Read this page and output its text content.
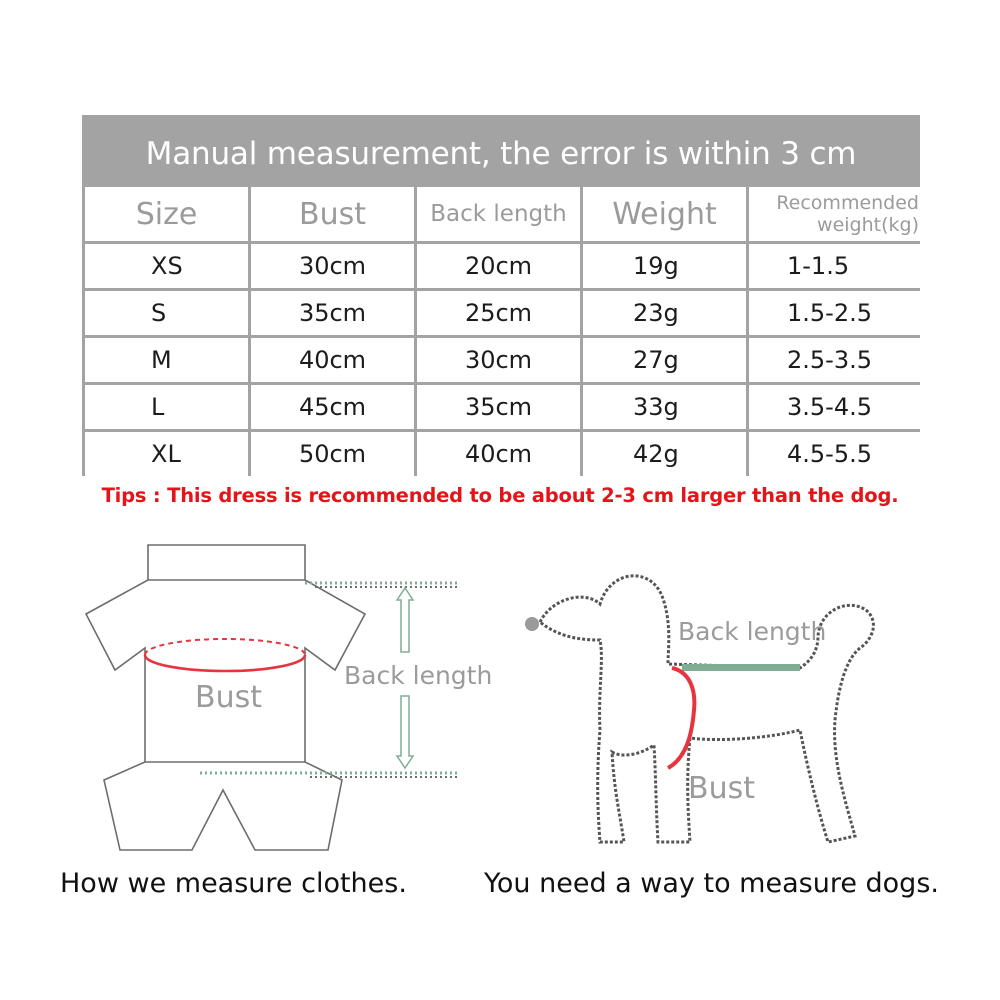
Manual measurement, the error is within 3 cm
Size	Bust	Back length	Weight	Recommended
weight(kg)
XS	30cm	20cm	19g	1-1.5
S	35cm	25cm	23g	1.5-2.5
M	40cm	30cm	27g	2.5-3.5
L	45cm	35cm	33g	3.5-4.5
XL	50cm	40cm	42g	4.5-5.5
Tips : This dress is recommended to be about 2-3 cm larger than the dog.
Bust
Back length
Back length
Bust
How we measure clothes.	You need a way to measure dogs.
